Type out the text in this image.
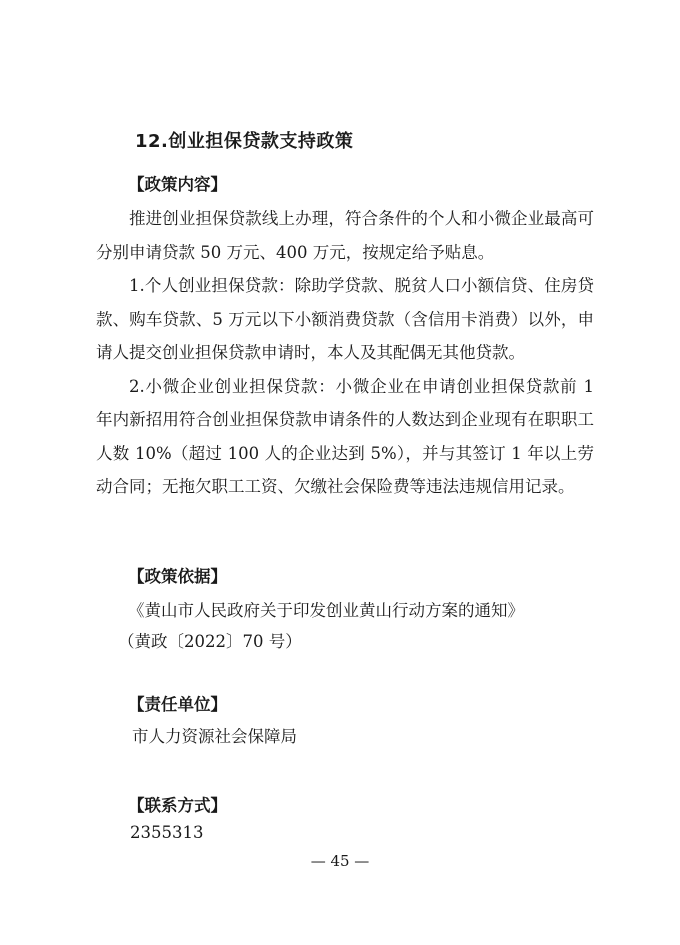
12.创业担保贷款支持政策
【政策内容】

推进创业担保贷款线上办理，符合条件的个人和小微企业最高可分别申请贷款 50 万元、400 万元，按规定给予贴息。

1.个人创业担保贷款：除助学贷款、脱贫人口小额信贷、住房贷款、购车贷款、5 万元以下小额消费贷款（含信用卡消费）以外，申请人提交创业担保贷款申请时，本人及其配偶无其他贷款。

2.小微企业创业担保贷款：小微企业在申请创业担保贷款前 1 年内新招用符合创业担保贷款申请条件的人数达到企业现有在职职工人数 10%（超过 100 人的企业达到 5%），并与其签订 1 年以上劳动合同；无拖欠职工工资、欠缴社会保险费等违法违规信用记录。

【政策依据】
《黄山市人民政府关于印发创业黄山行动方案的通知》
（黄政〔2022〕70 号）
【责任单位】
市人力资源社会保障局
【联系方式】
2355313
— 45 —
